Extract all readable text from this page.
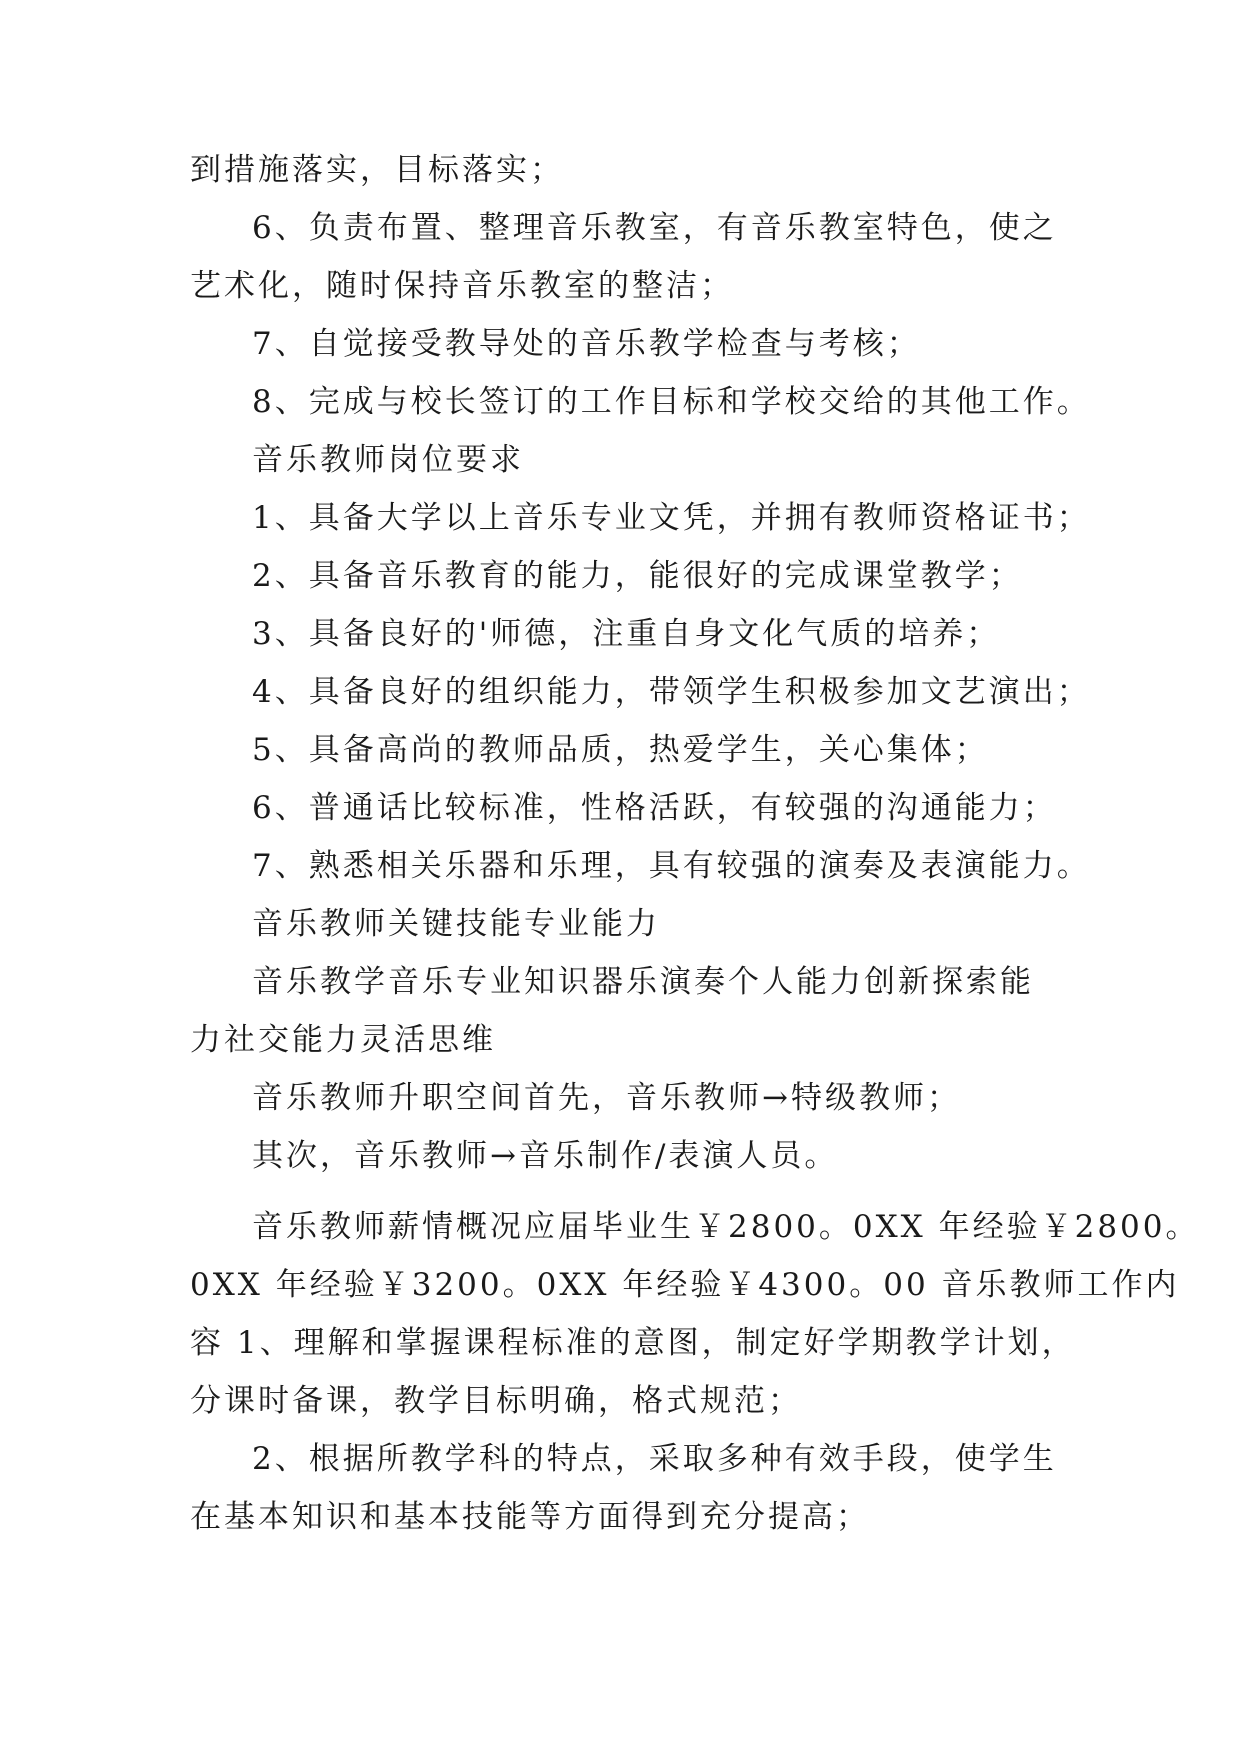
到措施落实，目标落实；
6、负责布置、整理音乐教室，有音乐教室特色，使之
艺术化，随时保持音乐教室的整洁；
7、自觉接受教导处的音乐教学检查与考核；
8、完成与校长签订的工作目标和学校交给的其他工作。
音乐教师岗位要求
1、具备大学以上音乐专业文凭，并拥有教师资格证书；
2、具备音乐教育的能力，能很好的完成课堂教学；
3、具备良好的'师德，注重自身文化气质的培养；
4、具备良好的组织能力，带领学生积极参加文艺演出；
5、具备高尚的教师品质，热爱学生，关心集体；
6、普通话比较标准，性格活跃，有较强的沟通能力；
7、熟悉相关乐器和乐理，具有较强的演奏及表演能力。
音乐教师关键技能专业能力
音乐教学音乐专业知识器乐演奏个人能力创新探索能
力社交能力灵活思维
音乐教师升职空间首先，音乐教师→特级教师；
其次，音乐教师→音乐制作/表演人员。
音乐教师薪情概况应届毕业生￥2800。0XX 年经验￥2800。
0XX 年经验￥3200。0XX 年经验￥4300。00 音乐教师工作内
容 1、理解和掌握课程标准的意图，制定好学期教学计划，
分课时备课，教学目标明确，格式规范；
2、根据所教学科的特点，采取多种有效手段，使学生
在基本知识和基本技能等方面得到充分提高；
